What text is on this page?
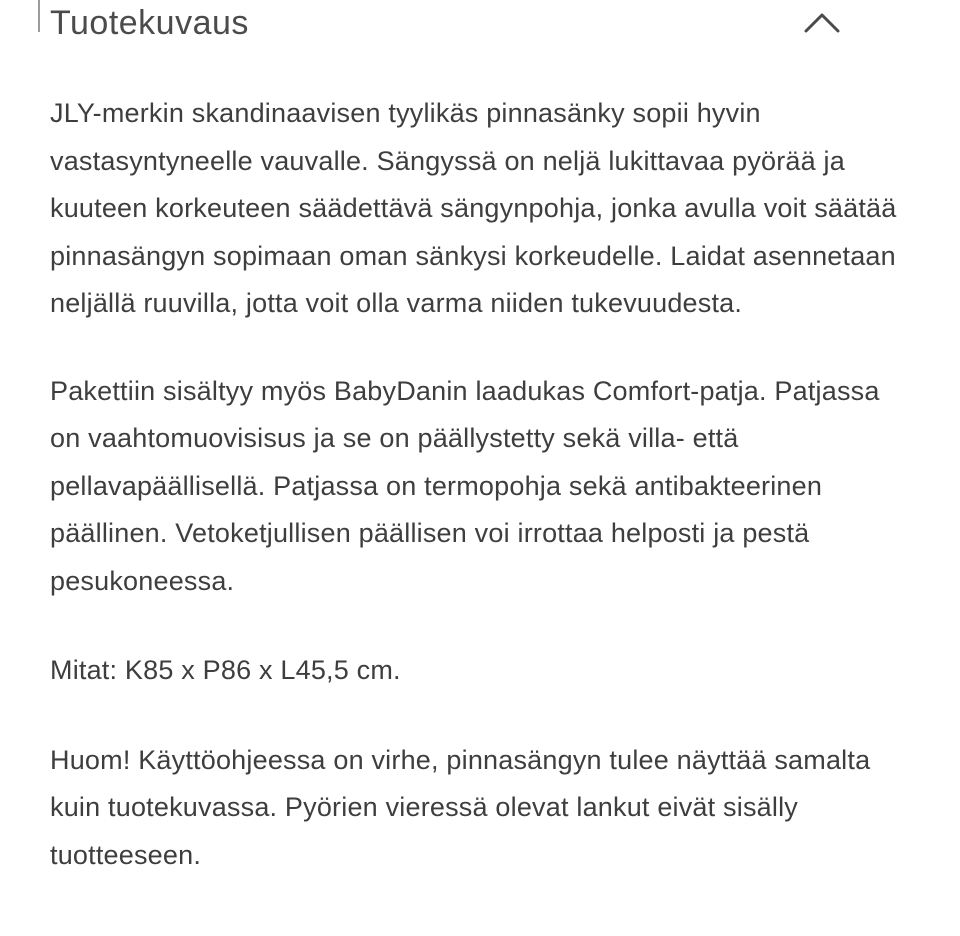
Tuotekuvaus

JLY-merkin skandinaavisen tyylikäs pinnasänky sopii hyvin vastasyntyneelle vauvalle. Sängyssä on neljä lukittavaa pyörää ja kuuteen korkeuteen säädettävä sängynpohja, jonka avulla voit säätää pinnasängyn sopimaan oman sänkysi korkeudelle. Laidat asennetaan neljällä ruuvilla, jotta voit olla varma niiden tukevuudesta.

Pakettiin sisältyy myös BabyDanin laadukas Comfort-patja. Patjassa on vaahtomuovisisus ja se on päällystetty sekä villa- että pellavapäällisellä. Patjassa on termopohja sekä antibakteerinen päällinen. Vetoketjullisen päällisen voi irrottaa helposti ja pestä pesukoneessa.

Mitat: K85 x P86 x L45,5 cm.

Huom! Käyttöohjeessa on virhe, pinnasängyn tulee näyttää samalta kuin tuotekuvassa. Pyörien vieressä olevat lankut eivät sisälly tuotteeseen.
